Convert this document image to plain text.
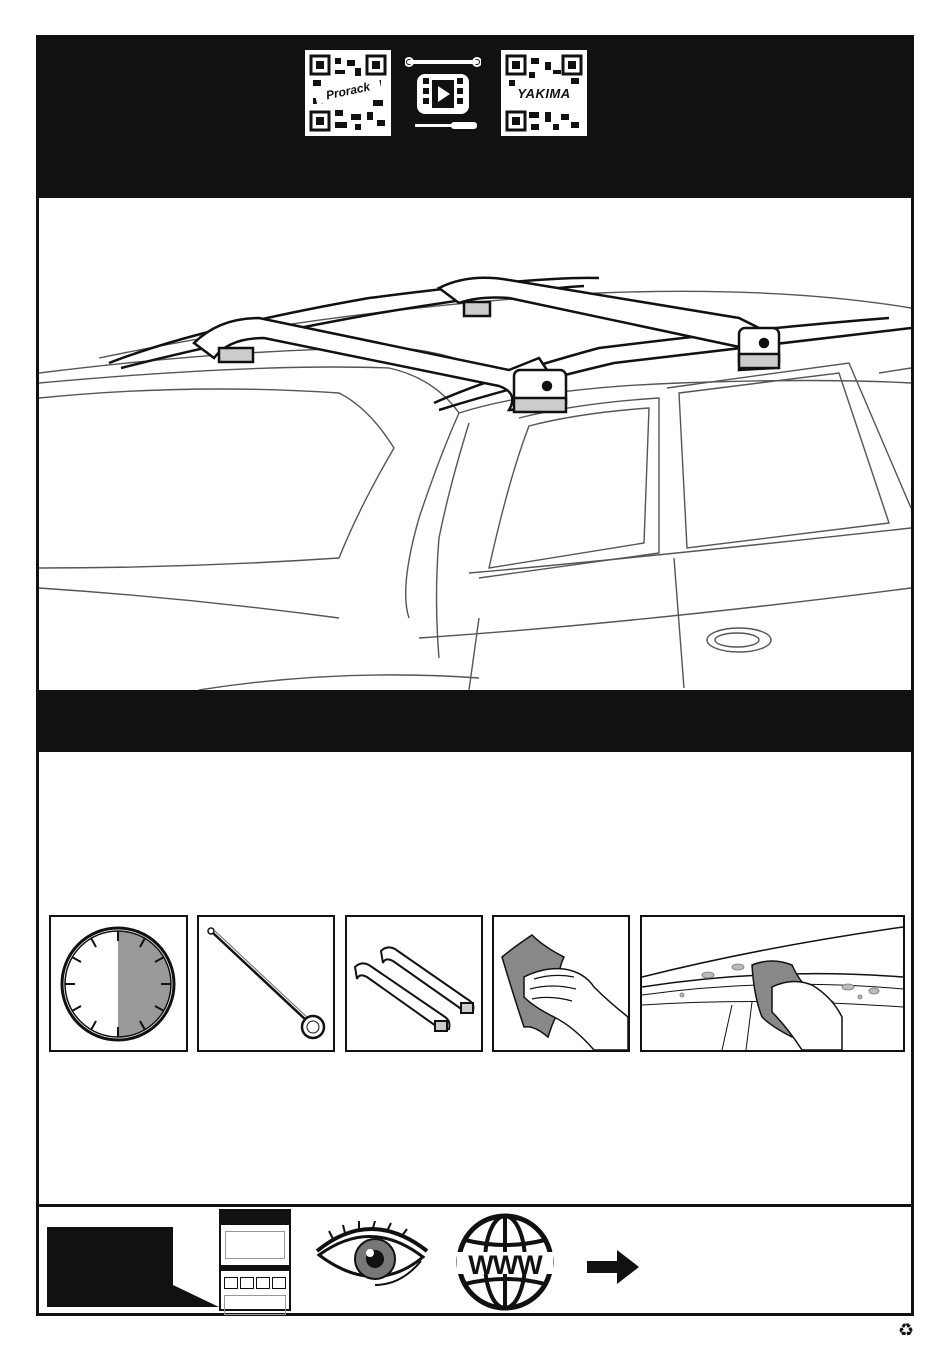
Prorack	YAKIMA
WWW
♻
